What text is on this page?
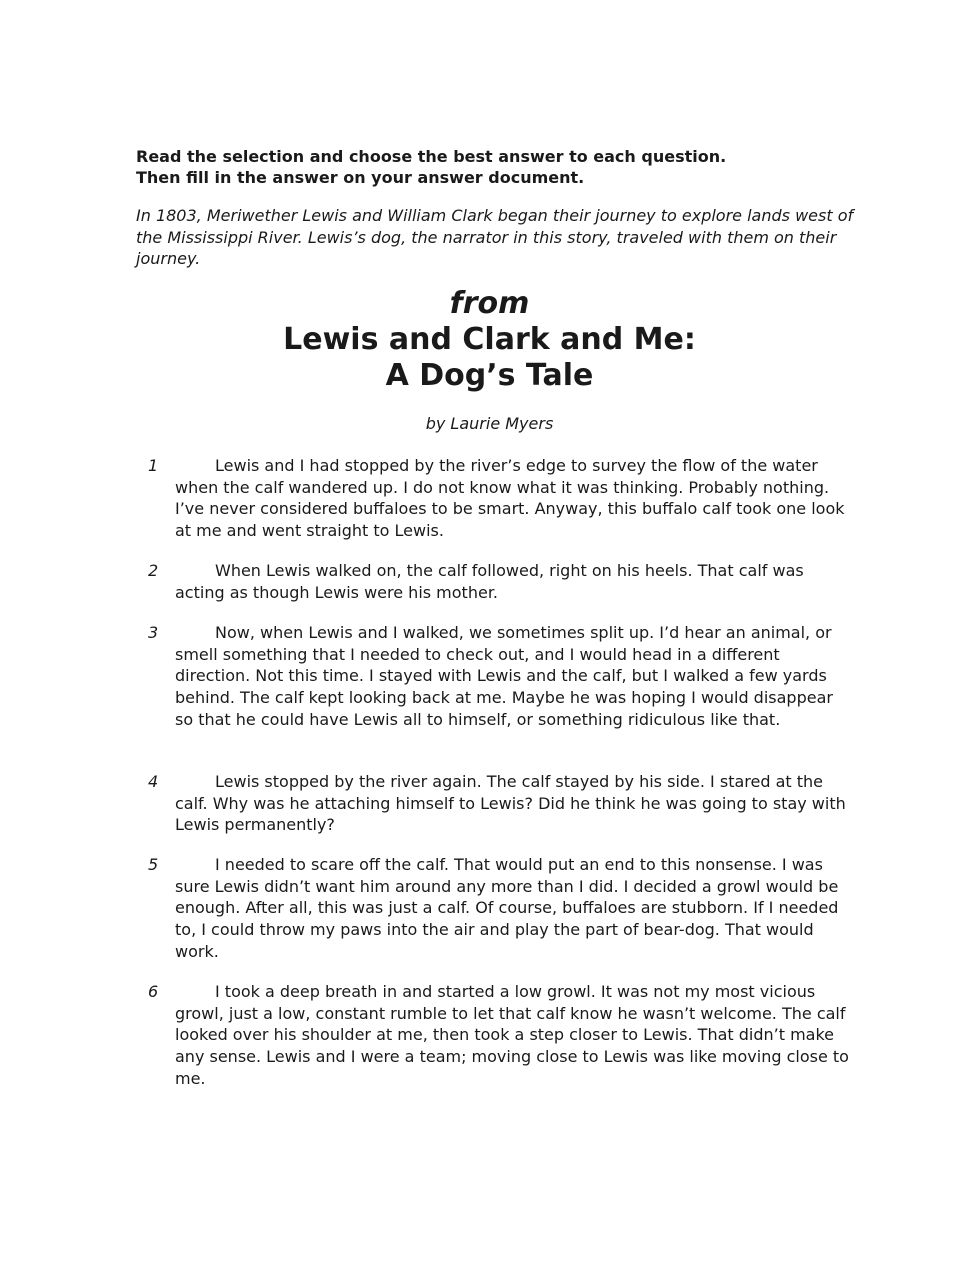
Read the selection and choose the best answer to each question.
Then fill in the answer on your answer document.

In 1803, Meriwether Lewis and William Clark began their journey to explore lands west of the Mississippi River. Lewis’s dog, the narrator in this story, traveled with them on their journey.

from

Lewis and Clark and Me:

A Dog’s Tale

by Laurie Myers

1	Lewis and I had stopped by the river’s edge to survey the flow of the water when the calf wandered up. I do not know what it was thinking. Probably nothing. I’ve never considered buffaloes to be smart. Anyway, this buffalo calf took one look at me and went straight to Lewis.

2	When Lewis walked on, the calf followed, right on his heels. That calf was acting as though Lewis were his mother.

3	Now, when Lewis and I walked, we sometimes split up. I’d hear an animal, or smell something that I needed to check out, and I would head in a different direction. Not this time. I stayed with Lewis and the calf, but I walked a few yards behind. The calf kept looking back at me. Maybe he was hoping I would disappear so that he could have Lewis all to himself, or something ridiculous like that.

4	Lewis stopped by the river again. The calf stayed by his side. I stared at the calf. Why was he attaching himself to Lewis? Did he think he was going to stay with Lewis permanently?

5	I needed to scare off the calf. That would put an end to this nonsense. I was sure Lewis didn’t want him around any more than I did. I decided a growl would be enough. After all, this was just a calf. Of course, buffaloes are stubborn. If I needed to, I could throw my paws into the air and play the part of bear-dog. That would work.

6	I took a deep breath in and started a low growl. It was not my most vicious growl, just a low, constant rumble to let that calf know he wasn’t welcome. The calf looked over his shoulder at me, then took a step closer to Lewis. That didn’t make any sense. Lewis and I were a team; moving close to Lewis was like moving close to me.
